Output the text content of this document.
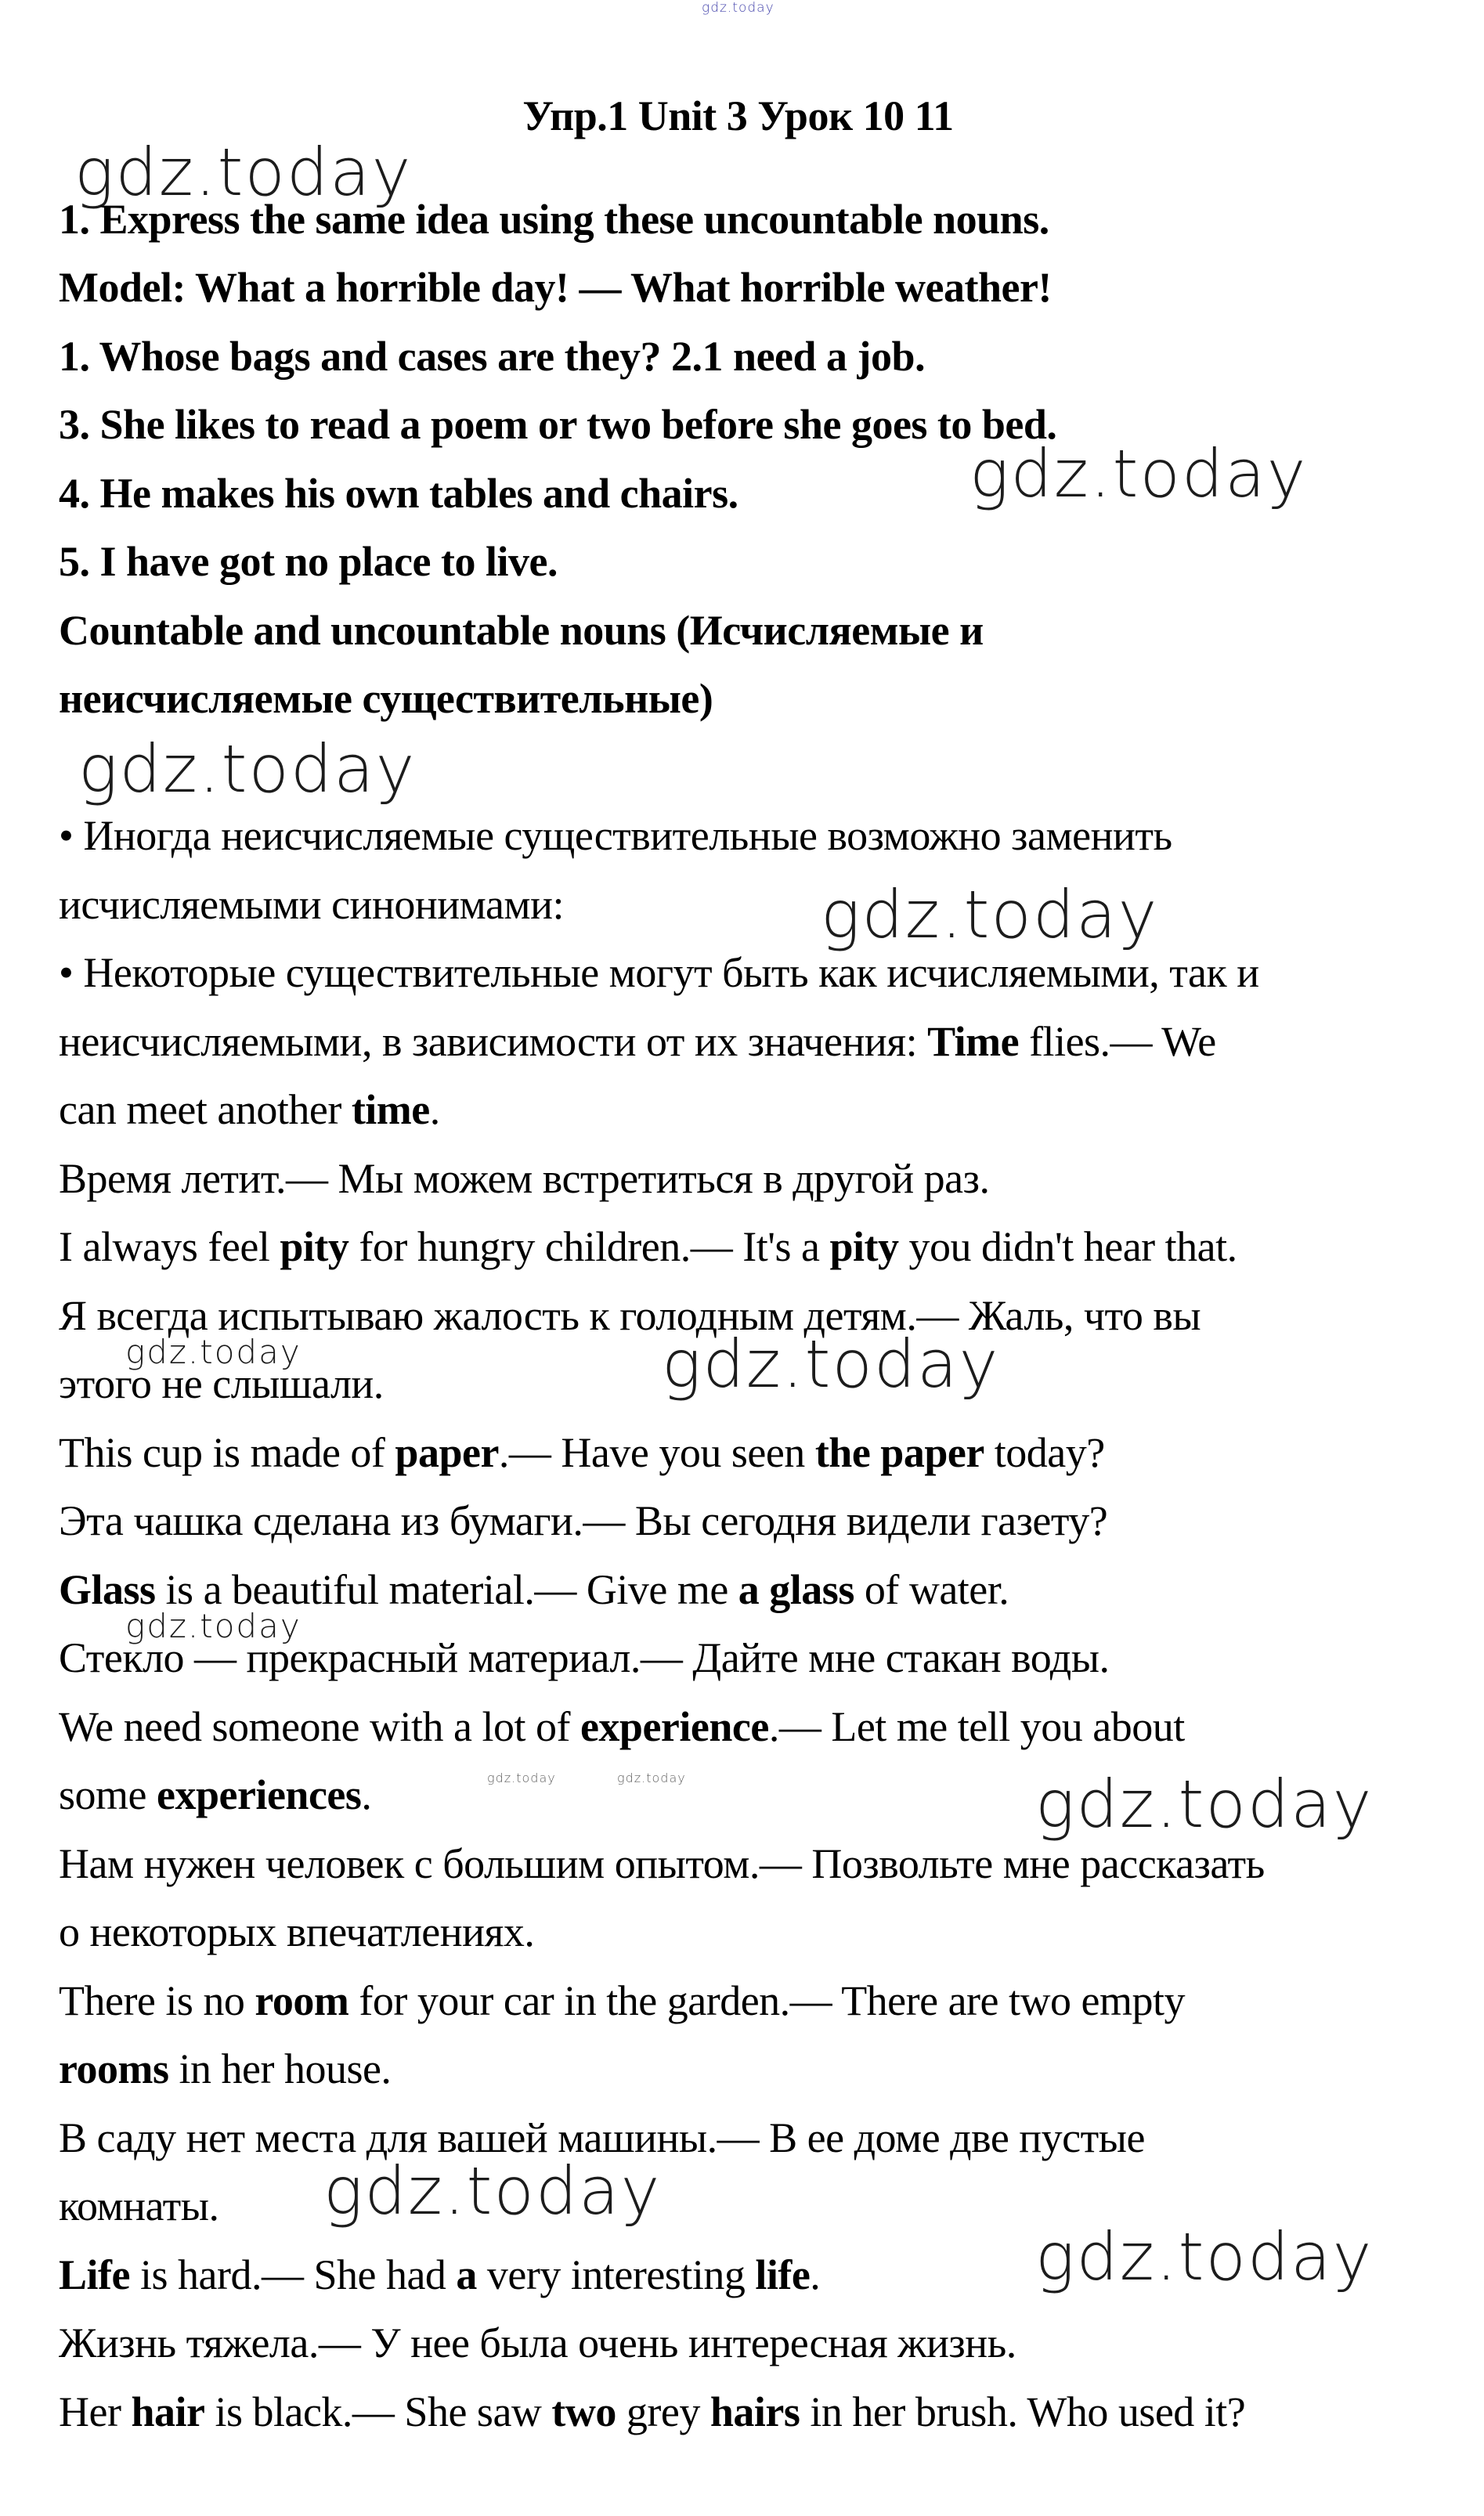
gdz.today
gdz.today
gdz.today
gdz.today
gdz.today
gdz.today	gdz.today
gdz.today
gdz.today	gdz.today	gdz.today
gdz.today
gdz.today
Упр.1 Unit 3 Урок 10 11
1. Express the same idea using these uncountable nouns.
Model: What a horrible day! — What horrible weather!
1. Whose bags and cases are they? 2.1 need a job.
3. She likes to read a poem or two before she goes to bed.
4. He makes his own tables and chairs.
5. I have got no place to live.
Countable and uncountable nouns (Исчисляемые и
неисчисляемые существительные)
• Иногда неисчисляемые существительные возможно заменить
исчисляемыми синонимами:
• Некоторые существительные могут быть как исчисляемыми, так и
неисчисляемыми, в зависимости от их значения: Time flies.— We
can meet another time.
Время летит.— Мы можем встретиться в другой раз.
I always feel pity for hungry children.— It's a pity you didn't hear that.
Я всегда испытываю жалость к голодным детям.— Жаль, что вы
этого не слышали.
This cup is made of paper.— Have you seen the paper today?
Эта чашка сделана из бумаги.— Вы сегодня видели газету?
Glass is a beautiful material.— Give me a glass of water.
Стекло — прекрасный материал.— Дайте мне стакан воды.
We need someone with a lot of experience.— Let me tell you about
some experiences.
Нам нужен человек с большим опытом.— Позвольте мне рассказать
о некоторых впечатлениях.
There is no room for your car in the garden.— There are two empty
rooms in her house.
В саду нет места для вашей машины.— В ее доме две пустые
комнаты.
Life is hard.— She had a very interesting life.
Жизнь тяжела.— У нее была очень интересная жизнь.
Her hair is black.— She saw two grey hairs in her brush. Who used it?
